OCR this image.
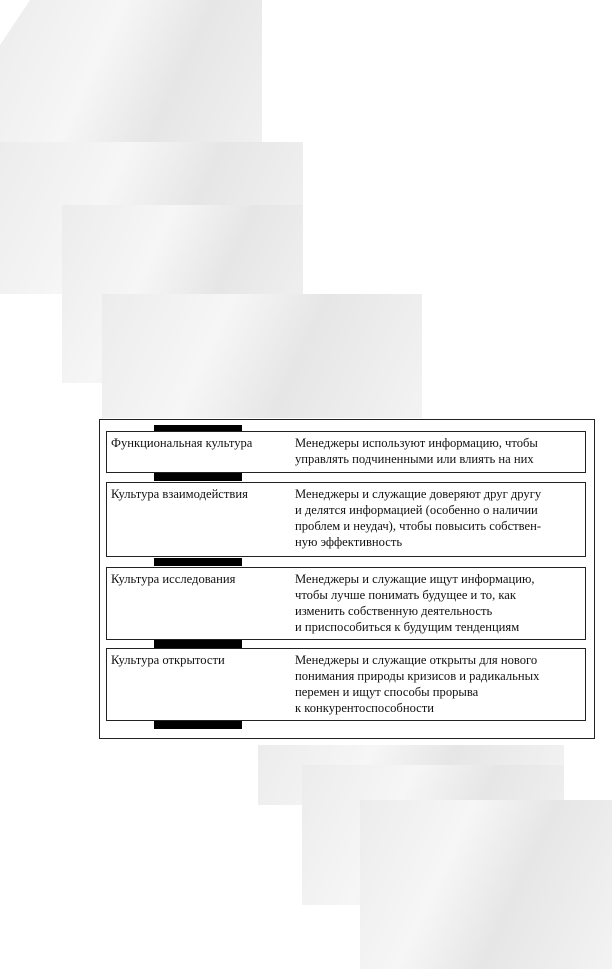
Функциональная культура	Менеджеры используют информацию, чтобы
управлять подчиненными или влиять на них
Культура взаимодействия	Менеджеры и служащие доверяют друг другу
и делятся информацией (особенно о наличии
проблем и неудач), чтобы повысить собствен-
ную эффективность
Культура исследования	Менеджеры и служащие ищут информацию,
чтобы лучше понимать будущее и то, как
изменить собственную деятельность
и приспособиться к будущим тенденциям
Культура открытости	Менеджеры и служащие открыты для нового
понимания природы кризисов и радикальных
перемен и ищут способы прорыва
к конкурентоспособности
